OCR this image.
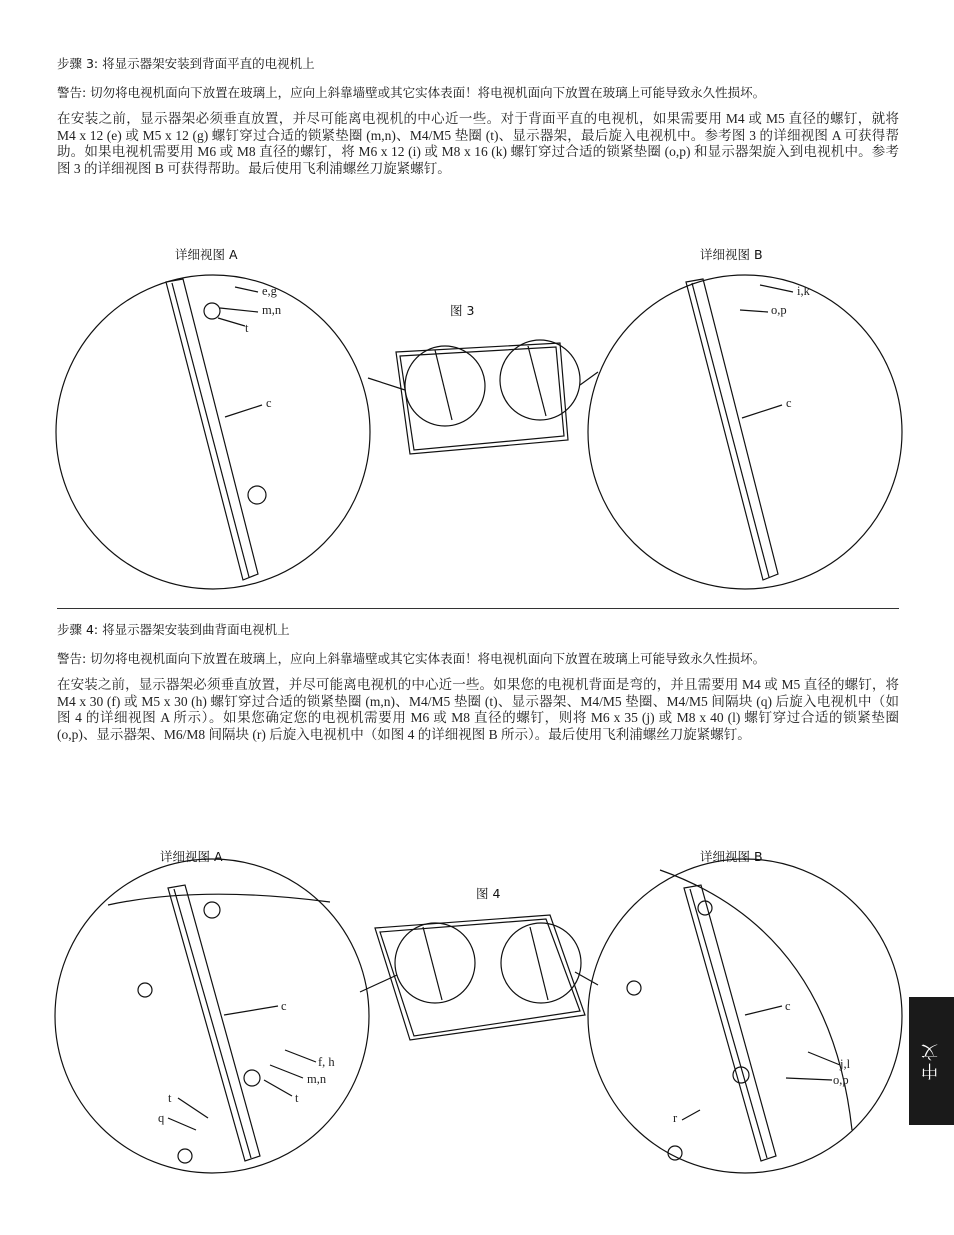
步骤 3: 将显示器架安装到背面平直的电视机上

警告: 切勿将电视机面向下放置在玻璃上，应向上斜靠墙壁或其它实体表面！将电视机面向下放置在玻璃上可能导致永久性损坏。

在安装之前，显示器架必须垂直放置，并尽可能离电视机的中心近一些。对于背面平直的电视机，如果需要用 M4 或 M5 直径的螺钉，就将 M4 x 12 (e) 或 M5 x 12 (g) 螺钉穿过合适的锁紧垫圈 (m,n)、M4/M5 垫圈 (t)、显示器架，最后旋入电视机中。参考图 3 的详细视图 A 可获得帮助。如果电视机需要用 M6 或 M8 直径的螺钉，将 M6 x 12 (i) 或 M8 x 16 (k) 螺钉穿过合适的锁紧垫圈 (o,p) 和显示器架旋入到电视机中。参考图 3 的详细视图 B 可获得帮助。最后使用飞利浦螺丝刀旋紧螺钉。

详细视图 A	详细视图 B
图 3
e,g
m,n
t
c
i,k
o,p
c

步骤 4: 将显示器架安装到曲背面电视机上

警告: 切勿将电视机面向下放置在玻璃上，应向上斜靠墙壁或其它实体表面！将电视机面向下放置在玻璃上可能导致永久性损坏。

在安装之前，显示器架必须垂直放置，并尽可能离电视机的中心近一些。如果您的电视机背面是弯的，并且需要用 M4 或 M5 直径的螺钉，将 M4 x 30 (f) 或 M5 x 30 (h) 螺钉穿过合适的锁紧垫圈 (m,n)、M4/M5 垫圈 (t)、显示器架、M4/M5 垫圈、M4/M5 间隔块 (q) 后旋入电视机中（如图 4 的详细视图 A 所示）。如果您确定您的电视机需要用 M6 或 M8 直径的螺钉，则将 M6 x 35 (j) 或 M8 x 40 (l) 螺钉穿过合适的锁紧垫圈 (o,p)、显示器架、M6/M8 间隔块 (r) 后旋入电视机中（如图 4 的详细视图 B 所示）。最后使用飞利浦螺丝刀旋紧螺钉。

详细视图 A	详细视图 B
图 4
c
f, h
m,n
t
q
t
c
j,l
o,p
r
中文
